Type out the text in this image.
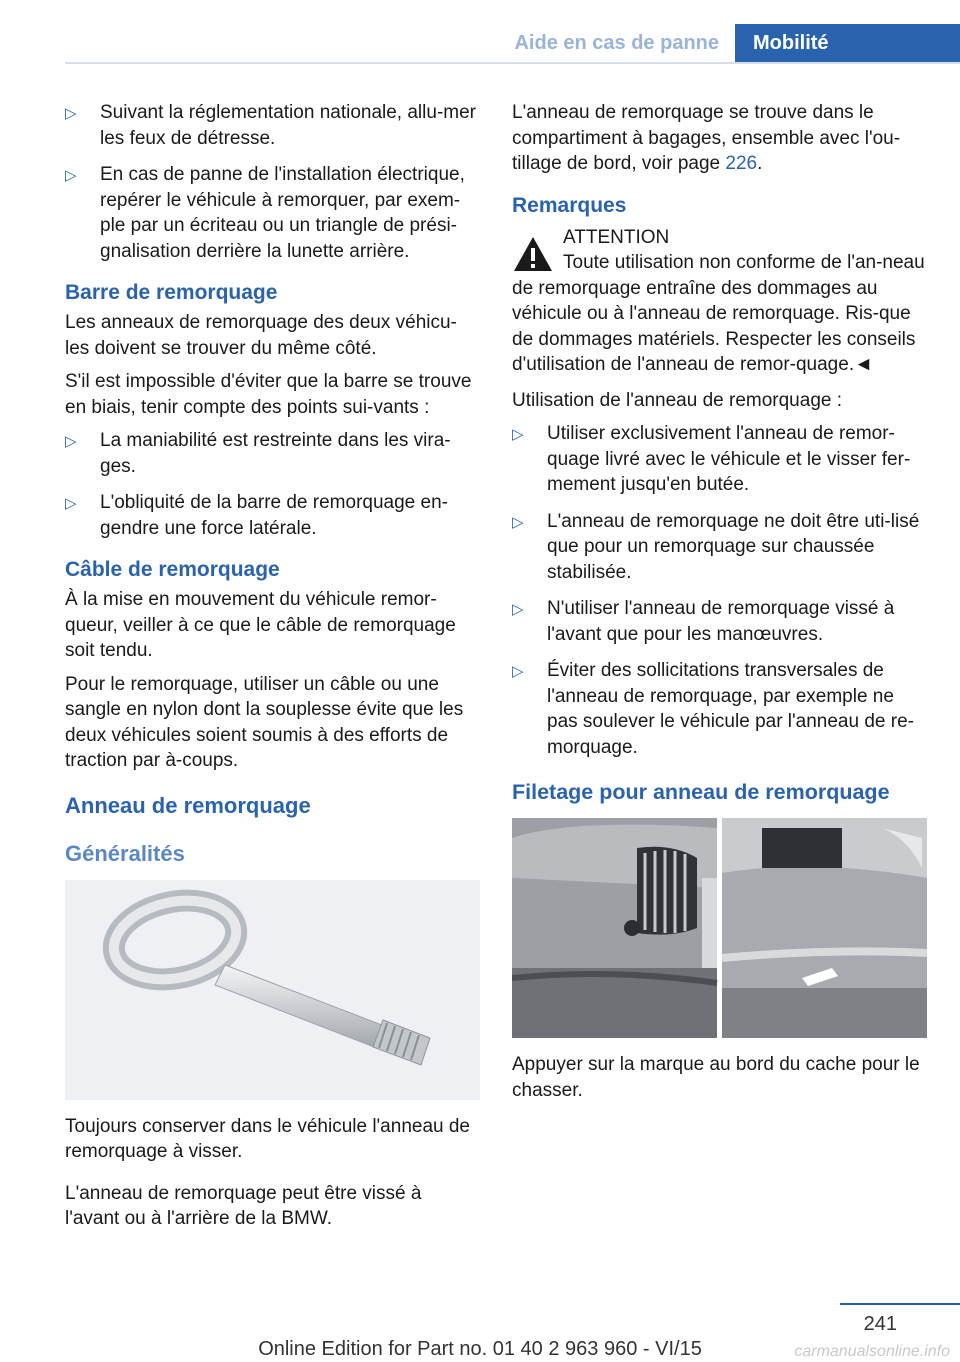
Aide en cas de panne	Mobilité
▷ Suivant la réglementation nationale, allu-mer les feux de détresse.
▷ En cas de panne de l'installation électrique, repérer le véhicule à remorquer, par exem-ple par un écriteau ou un triangle de prési-gnalisation derrière la lunette arrière.
Barre de remorquage

Les anneaux de remorquage des deux véhicu-les doivent se trouver du même côté.

S'il est impossible d'éviter que la barre se trouve en biais, tenir compte des points sui-vants :

▷ La maniabilité est restreinte dans les vira-ges.
▷ L'obliquité de la barre de remorquage en-gendre une force latérale.
Câble de remorquage

À la mise en mouvement du véhicule remor-queur, veiller à ce que le câble de remorquage soit tendu.

Pour le remorquage, utiliser un câble ou une sangle en nylon dont la souplesse évite que les deux véhicules soient soumis à des efforts de traction par à-coups.

Anneau de remorquage
Généralités

Toujours conserver dans le véhicule l'anneau de remorquage à visser.

L'anneau de remorquage peut être vissé à l'avant ou à l'arrière de la BMW.

L'anneau de remorquage se trouve dans le compartiment à bagages, ensemble avec l'ou-tillage de bord, voir page 226.

Remarques
ATTENTION
Toute utilisation non conforme de l'an-neau de remorquage entraîne des dommages au véhicule ou à l'anneau de remorquage. Ris-que de dommages matériels. Respecter les conseils d'utilisation de l'anneau de remor-quage.◄

Utilisation de l'anneau de remorquage :

▷ Utiliser exclusivement l'anneau de remor-quage livré avec le véhicule et le visser fer-mement jusqu'en butée.
▷ L'anneau de remorquage ne doit être uti-lisé que pour un remorquage sur chaussée stabilisée.
▷ N'utiliser l'anneau de remorquage vissé à l'avant que pour les manœuvres.
▷ Éviter des sollicitations transversales de l'anneau de remorquage, par exemple ne pas soulever le véhicule par l'anneau de re-morquage.
Filetage pour anneau de remorquage

Appuyer sur la marque au bord du cache pour le chasser.

241
Online Edition for Part no. 01 40 2 963 960 - VI/15	carmanualsonline.info
